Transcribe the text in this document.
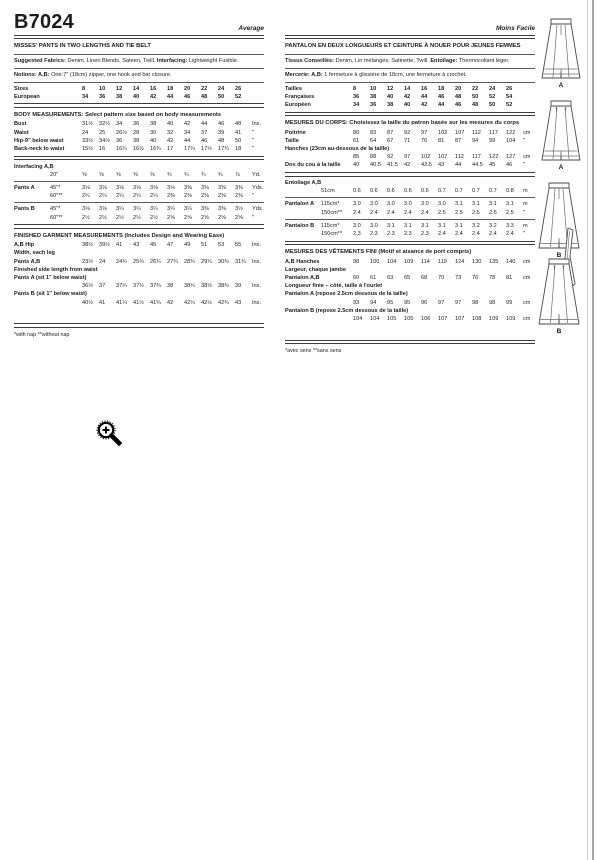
B7024	Average
MISSES' PANTS IN TWO LENGTHS AND TIE BELT
Suggested Fabrics: Denim, Linen Blends, Sateen, Twill. Interfacing: Lightweight Fusible.
Notions: A,B: One 7" (18cm) zipper, one hook and bar closure.
Sizes	8	10	12	14	16	18	20	22	24	26
European	34	36	38	40	42	44	46	48	50	52
BODY MEASUREMENTS: Select pattern size based on body measurements
Bust	31½	32½	34	36	38	40	42	44	46	48	Ins.
Waist	24	25	26½	28	30	32	34	37	39	41	"
Hip-9" below waist	33½	34½	36	38	40	42	44	46	48	50	"
Back-neck to waist	15½	16	16¼	16½	16¾	17	17¼	17½	17¾	18	"
Interfacing A,B
20"	⅝	⅝	⅝	⅝	⅝	¾	¾	¾	¾	⅞	Yd.
Pants A	45"*	3⅛	3⅛	3⅛	3⅛	3⅛	3⅛	3⅜	3⅜	3⅜	3⅜	Yds.
60"**	2¼	2¼	2¼	2¼	2¼	2⅜	2⅜	2⅜	2⅜	2⅜	"
Pants B	45"*	3⅛	3⅛	3¼	3¼	3¼	3¼	3¼	3⅜	3⅜	3½	Yds.
60"**	2½	2½	2½	2½	2½	2⅝	2⅝	2⅝	2⅝	2⅝	"
FINISHED GARMENT MEASUREMENTS (Includes Design and Wearing Ease)
A,B Hip	38½	39½	41	43	45	47	49	51	53	55	Ins.
Width, each leg
Pants A,B	23½	24	24¾	25¾	26¾	27¾	28¾	29¾	30¾	31¾	Ins.
Finished side length from waist
Pants A (sit 1" below waist)
36½	37	37¼	37½	37¾	38	38¼	38½	38¾	39	Ins.
Pants B (sit 1" below waist)
40½	41	41¼	41½	41¾	42	42¼	42½	42¾	43	Ins.
*with nap **without nap
Moins Facile
PANTALON EN DEUX LONGUEURS ET CEINTURE À NOUER POUR JEUNES FEMMES
Tissus Conseillés: Denim, Lin mélangés, Satinette, Twill. Entoilage: Thermocollant léger.
Mercerie: A,B: 1 fermeture à glissière de 18cm, une fermeture à crochet.
Tailles	8	10	12	14	16	18	20	22	24	26
Françaises	36	38	40	42	44	46	48	50	52	54
Européen	34	36	38	40	42	44	46	48	50	52
MESURES DU CORPS: Choisissez la taille du patron basée sur les mesures du corps
Poitrine	80	83	87	92	97	102	107	112	117	122	cm
Taille	61	64	67	71	76	81	87	94	99	104	"
Hanches (23cm au-dessous de la taille)
85	88	92	97	102	107	112	117	122	127	cm
Dos du cou à la taille	40	40.5	41.5	42	42.5	43	44	44.5	45	46	"
Entoilage A,B
51cm	0.6	0.6	0.6	0.6	0.6	0.7	0.7	0.7	0.7	0.8	m
Pantalon A	115cm*	3.0	3.0	3.0	3.0	3.0	3.0	3.1	3.1	3.1	3.1	m
150cm**	2.4	2.4	2.4	2.4	2.4	2.5	2.5	2.5	2.5	2.5	"
Pantalon B	115cm*	3.0	3.0	3.1	3.1	3.1	3.1	3.1	3.2	3.2	3.3	m
150cm**	2.3	2.3	2.3	2.3	2.3	2.4	2.4	2.4	2.4	2.4	"
MESURES DES VÊTEMENTS FINI (Motif et aisance de port compris)
A,B Hanches	98	100	104	109	114	119	124	130	135	140	cm
Largeur, chaque jambe
Pantalon A,B	60	61	63	65	68	70	73	76	78	81	cm
Longueur finie – côté, taille à l'ourlet
Pantalon A (repose 2.5cm dessous de la taille)
93	94	95	95	96	97	97	98	98	99	cm
Pantalon B (repose 2.5cm dessous de la taille)
104	104	105	105	106	107	107	108	109	109	cm
*avec sens **sans sens
A
A
B
B
